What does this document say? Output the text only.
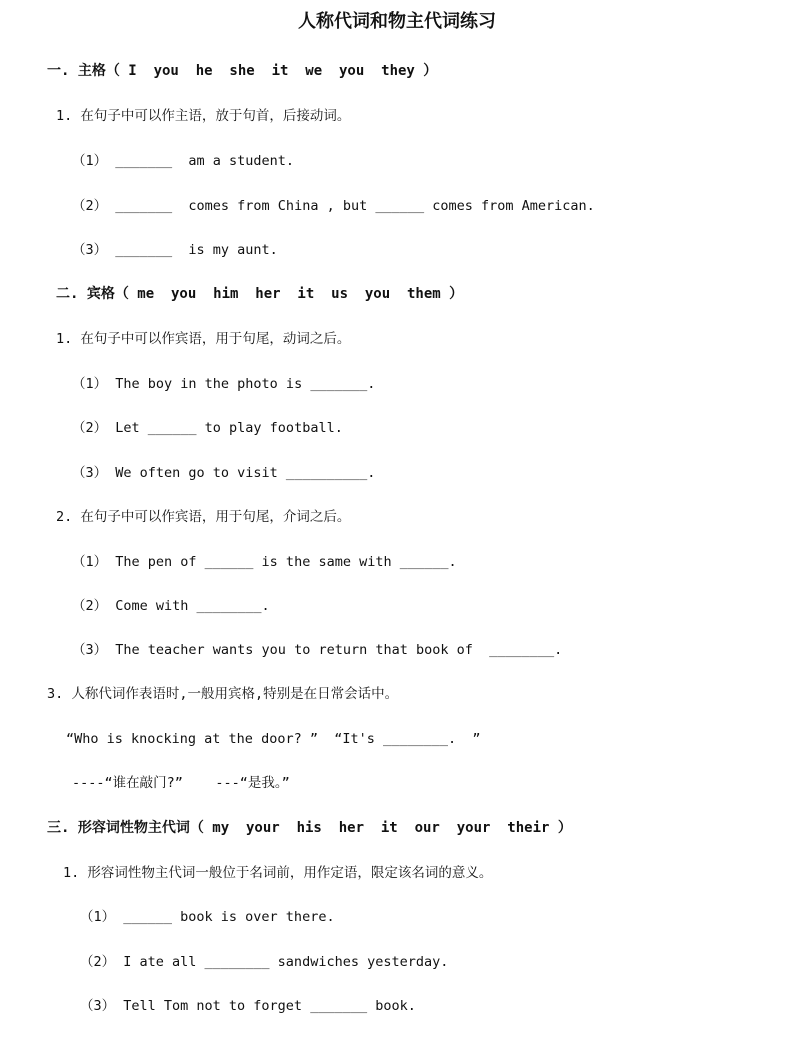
人称代词和物主代词练习
一. 主格（ I  you  he  she  it  we  you  they ）
1. 在句子中可以作主语，放于句首，后接动词。
（1） _______  am a student.
（2） _______  comes from China , but ______ comes from American.
（3） _______  is my aunt.
二. 宾格（ me  you  him  her  it  us  you  them ）
1. 在句子中可以作宾语，用于句尾，动词之后。
（1） The boy in the photo is _______.
（2） Let ______ to play football.
（3） We often go to visit __________.
2. 在句子中可以作宾语，用于句尾，介词之后。
（1） The pen of ______ is the same with ______.
（2） Come with ________.
（3） The teacher wants you to return that book of  ________.
3. 人称代词作表语时,一般用宾格,特别是在日常会话中。
“Who is knocking at the door? ”  “It's ________.  ”
----“谁在敲门?”    ---“是我。”
三. 形容词性物主代词（ my  your  his  her  it  our  your  their ）
1. 形容词性物主代词一般位于名词前，用作定语，限定该名词的意义。
（1） ______ book is over there.
（2） I ate all ________ sandwiches yesterday.
（3） Tell Tom not to forget _______ book.
